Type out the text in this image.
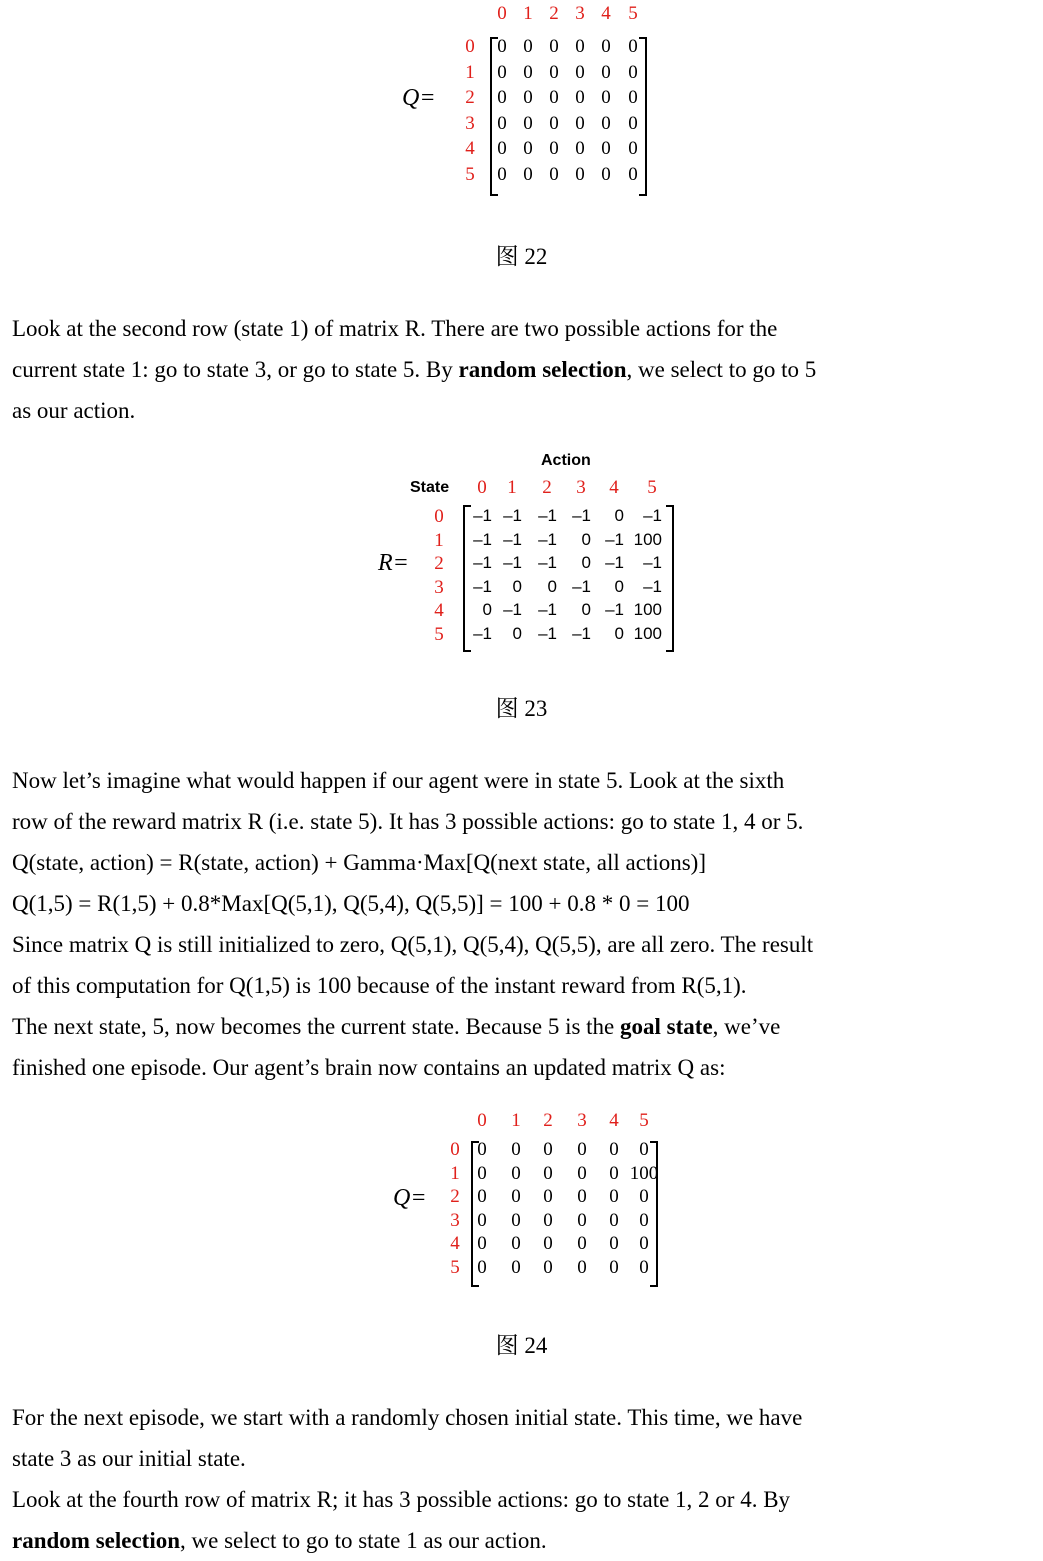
Q=
0 1 2 3 4 5
0
1
2
3
4
5
0 0 0 0 0 0
0 0 0 0 0 0
0 0 0 0 0 0
0 0 0 0 0 0
0 0 0 0 0 0
0 0 0 0 0 0
图 22
Look at the second row (state 1) of matrix R. There are two possible actions for the
current state 1: go to state 3, or go to state 5. By random selection, we select to go to 5
as our action.
Action
State
R=
0	1	2	3	4	5
0
1
2
3
4
5
–1 –1 –1 –1	0	–1
–1 –1 –1	0 –1 100
–1 –1 –1	0 –1	–1
–1	0	0 –1	0	–1
0 –1 –1	0 –1 100
–1	0 –1 –1	0 100
图 23
Now let’s imagine what would happen if our agent were in state 5. Look at the sixth
row of the reward matrix R (i.e. state 5). It has 3 possible actions: go to state 1, 4 or 5.
Q(state, action) = R(state, action) + Gamma·Max[Q(next state, all actions)]
Q(1,5) = R(1,5) + 0.8*Max[Q(5,1), Q(5,4), Q(5,5)] = 100 + 0.8 * 0 = 100
Since matrix Q is still initialized to zero, Q(5,1), Q(5,4), Q(5,5), are all zero. The result
of this computation for Q(1,5) is 100 because of the instant reward from R(5,1).
The next state, 5, now becomes the current state. Because 5 is the goal state, we’ve
finished one episode. Our agent’s brain now contains an updated matrix Q as:
Q=
0	1	2	3	4	5
0
1
2
3
4
5
0	0	0	0	0	0
0	0	0	0	0 100
0	0	0	0	0	0
0	0	0	0	0	0
0	0	0	0	0	0
0	0	0	0	0	0
图 24
For the next episode, we start with a randomly chosen initial state. This time, we have
state 3 as our initial state.
Look at the fourth row of matrix R; it has 3 possible actions: go to state 1, 2 or 4. By
random selection, we select to go to state 1 as our action.
